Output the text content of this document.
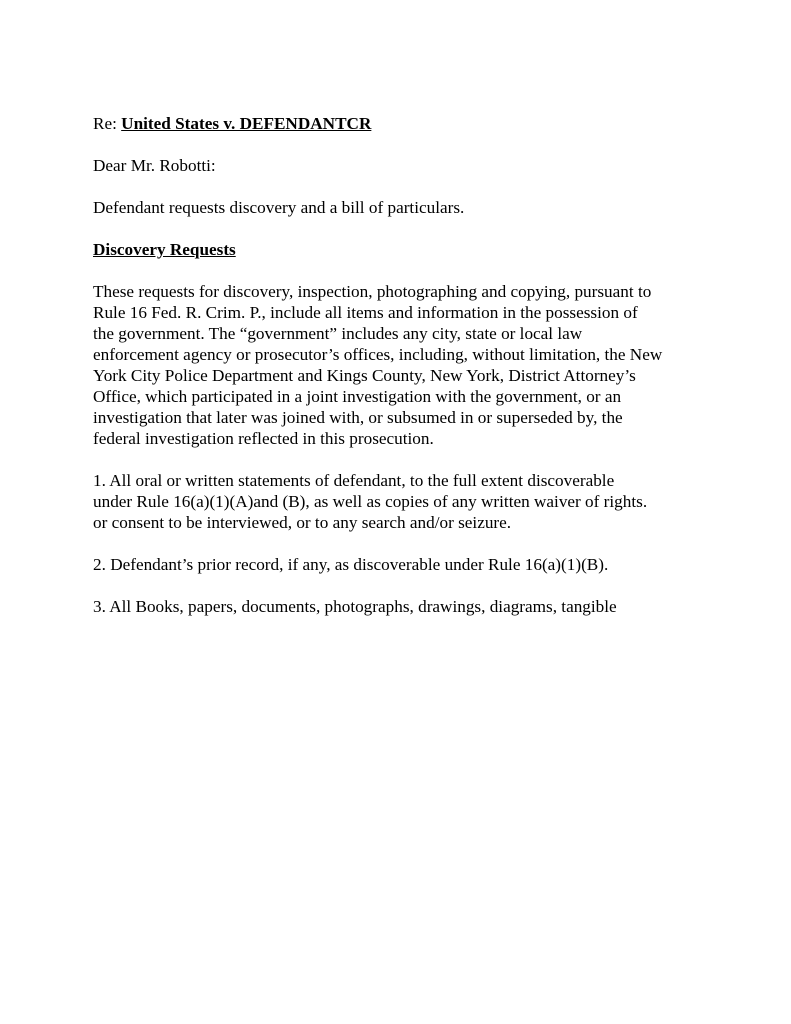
Re: United States v. DEFENDANTCR

Dear Mr. Robotti:

Defendant requests discovery and a bill of particulars.

Discovery Requests

These requests for discovery, inspection, photographing and copying, pursuant to
Rule 16 Fed. R. Crim. P., include all items and information in the possession of
the government. The “government” includes any city, state or local law
enforcement agency or prosecutor’s offices, including, without limitation, the New
York City Police Department and Kings County, New York, District Attorney’s
Office, which participated in a joint investigation with the government, or an
investigation that later was joined with, or subsumed in or superseded by, the
federal investigation reflected in this prosecution.

1. All oral or written statements of defendant, to the full extent discoverable
under Rule 16(a)(1)(A)and (B), as well as copies of any written waiver of rights.
or consent to be interviewed, or to any search and/or seizure.

2. Defendant’s prior record, if any, as discoverable under Rule 16(a)(1)(B).

3. All Books, papers, documents, photographs, drawings, diagrams, tangible
